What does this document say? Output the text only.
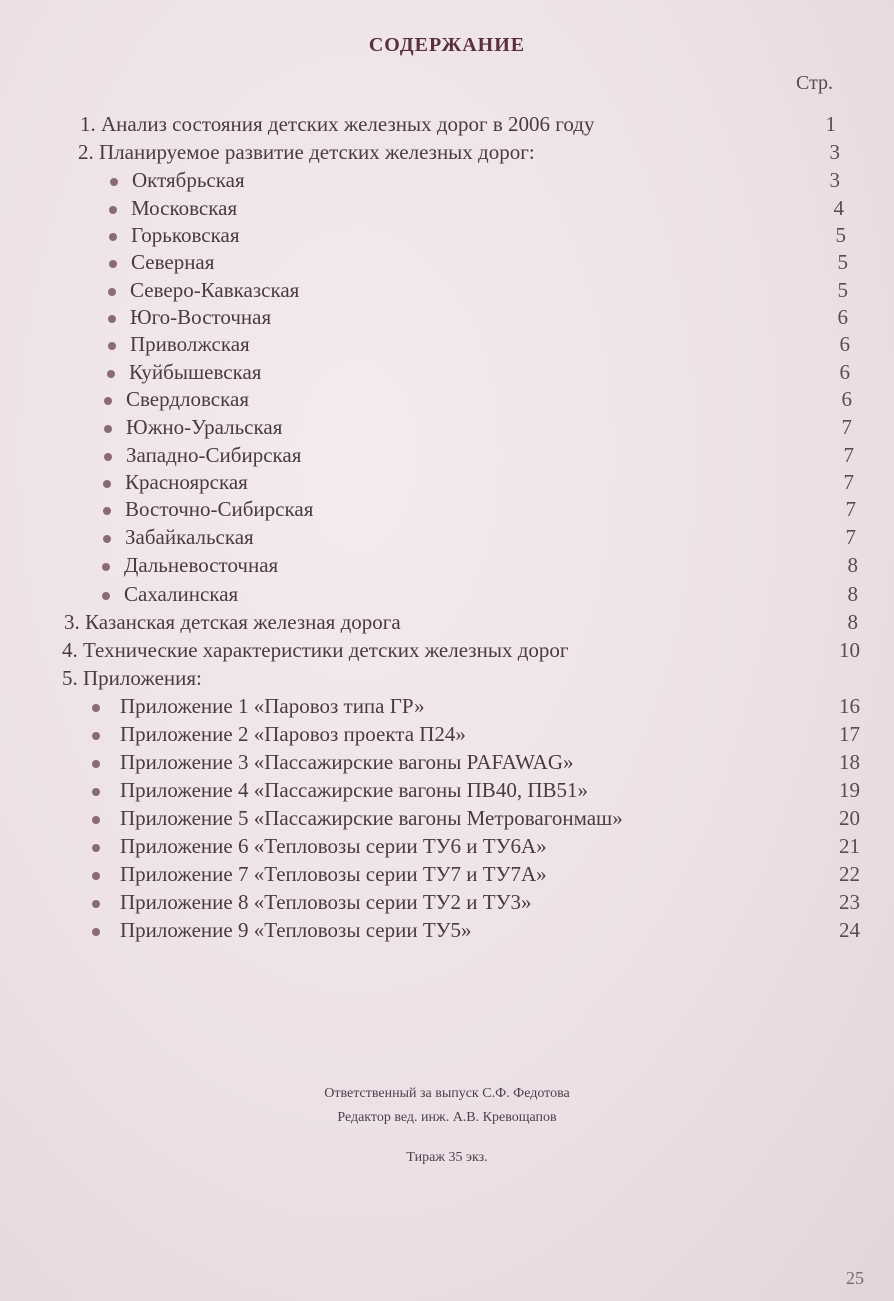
СОДЕРЖАНИЕ
Стр.
1. Анализ состояния детских железных дорог в 2006 году	1
2. Планируемое развитие детских железных дорог:	3
Октябрьская	3
Московская	4
Горьковская	5
Северная	5
Северо-Кавказская	5
Юго-Восточная	6
Приволжская	6
Куйбышевская	6
Свердловская	6
Южно-Уральская	7
Западно-Сибирская	7
Красноярская	7
Восточно-Сибирская	7
Забайкальская	7
Дальневосточная	8
Сахалинская	8
3. Казанская детская железная дорога	8
4. Технические характеристики детских железных дорог	10
5. Приложения:
Приложение 1 «Паровоз типа ГР»	16
Приложение 2 «Паровоз проекта П24»	17
Приложение 3 «Пассажирские вагоны PAFAWAG»	18
Приложение 4 «Пассажирские вагоны ПВ40, ПВ51»	19
Приложение 5 «Пассажирские вагоны Метровагонмаш»	20
Приложение 6 «Тепловозы серии ТУ6 и ТУ6А»	21
Приложение 7 «Тепловозы серии ТУ7 и ТУ7А»	22
Приложение 8 «Тепловозы серии ТУ2 и ТУ3»	23
Приложение 9 «Тепловозы серии ТУ5»	24
Ответственный за выпуск С.Ф. Федотова
Редактор вед. инж. А.В. Кревощапов
Тираж 35 экз.
25
